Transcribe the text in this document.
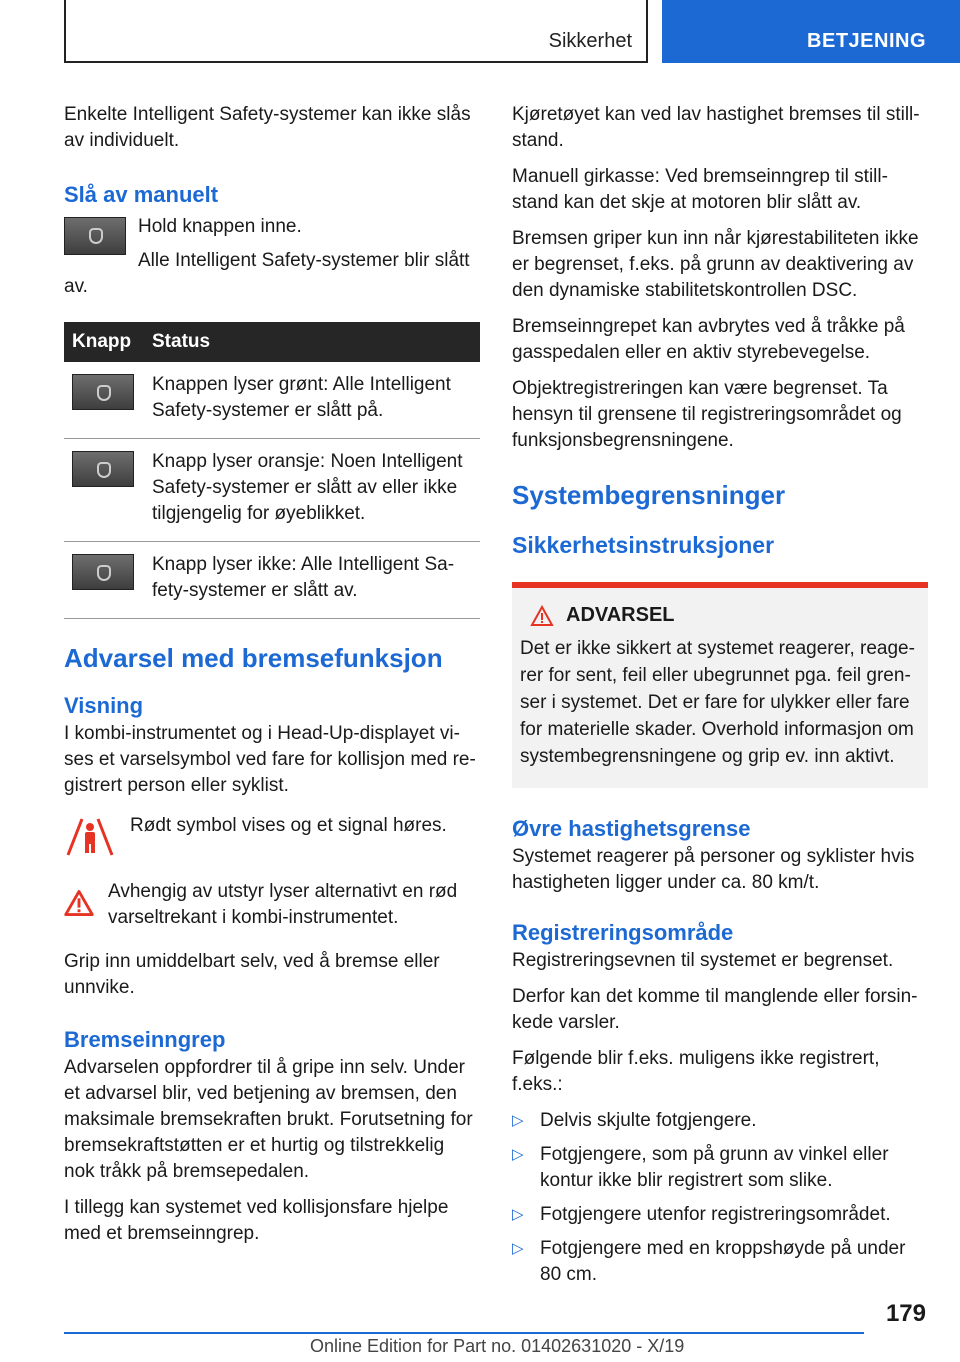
Sikkerhet	BETJENING

Enkelte Intelligent Safety-systemer kan ikke slås av individuelt.

Slå av manuelt
Hold knappen inne.
Alle Intelligent Safety-systemer blir slått av.
Knapp	Status
	Knappen lyser grønt: Alle Intelligent Safety-systemer er slått på.
	Knapp lyser oransje: Noen Intelligent Safety-systemer er slått av eller ikke tilgjengelig for øyeblikket.
	Knapp lyser ikke: Alle Intelligent Sa-fety-systemer er slått av.
Advarsel med bremsefunksjon
Visning

I kombi-instrumentet og i Head-Up-displayet vi-ses et varselsymbol ved fare for kollisjon med re-gistrert person eller syklist.

Rødt symbol vises og et signal høres.

Avhengig av utstyr lyser alternativt en rød varseltrekant i kombi-instrumentet.

Grip inn umiddelbart selv, ved å bremse eller unnvike.

Bremseinngrep

Advarselen oppfordrer til å gripe inn selv. Under et advarsel blir, ved betjening av bremsen, den maksimale bremsekraften brukt. Forutsetning for bremsekraftstøtten er et hurtig og tilstrekkelig nok tråkk på bremsepedalen.

I tillegg kan systemet ved kollisjonsfare hjelpe med et bremseinngrep.

Kjøretøyet kan ved lav hastighet bremses til still-stand.

Manuell girkasse: Ved bremseinngrep til still-stand kan det skje at motoren blir slått av.

Bremsen griper kun inn når kjørestabiliteten ikke er begrenset, f.eks. på grunn av deaktivering av den dynamiske stabilitetskontrollen DSC.

Bremseinngrepet kan avbrytes ved å tråkke på gasspedalen eller en aktiv styrebevegelse.

Objektregistreringen kan være begrenset. Ta hensyn til grensene til registreringsområdet og funksjonsbegrensningene.

Systembegrensninger
Sikkerhetsinstruksjoner
ADVARSEL

Det er ikke sikkert at systemet reagerer, reage-rer for sent, feil eller ubegrunnet pga. feil gren-ser i systemet. Det er fare for ulykker eller fare for materielle skader. Overhold informasjon om systembegrensningene og grip ev. inn aktivt.

Øvre hastighetsgrense

Systemet reagerer på personer og syklister hvis hastigheten ligger under ca. 80 km/t.

Registreringsområde

Registreringsevnen til systemet er begrenset.

Derfor kan det komme til manglende eller forsin-kede varsler.

Følgende blir f.eks. muligens ikke registrert, f.eks.:

▷ Delvis skjulte fotgjengere.
▷ Fotgjengere, som på grunn av vinkel eller kontur ikke blir registrert som slike.
▷ Fotgjengere utenfor registreringsområdet.
▷ Fotgjengere med en kroppshøyde på under 80 cm.
179
Online Edition for Part no. 01402631020 - X/19
